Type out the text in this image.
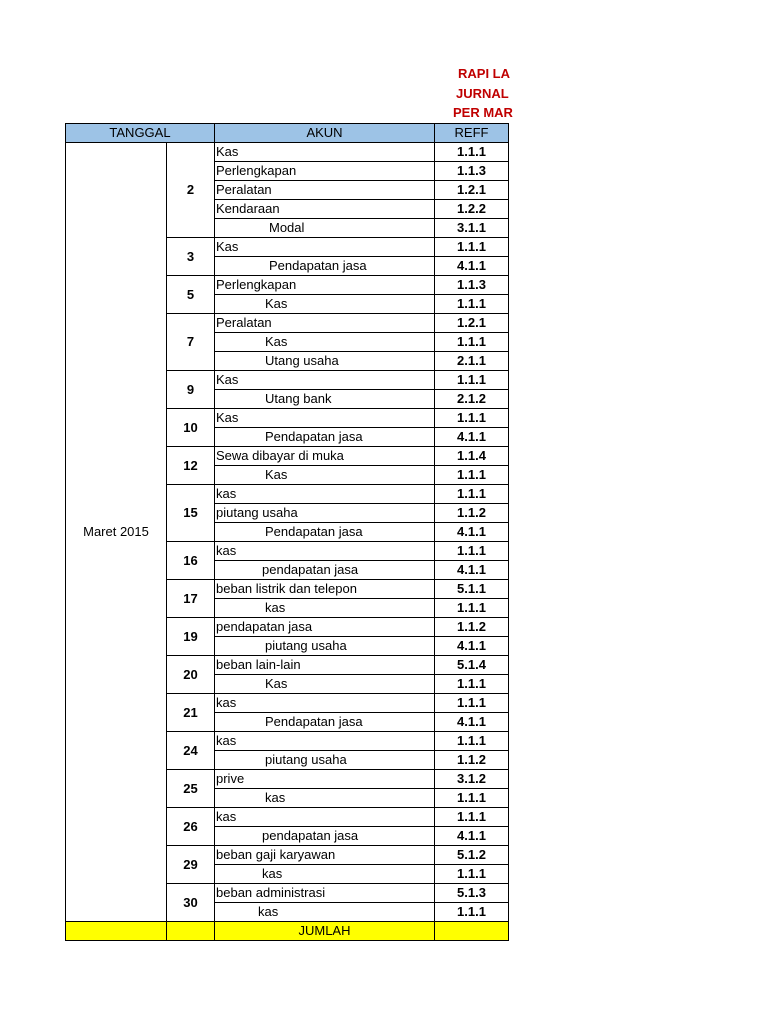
RAPI LA
JURNAL
PER MAR
TANGGAL		AKUN	REFF
Maret 2015	2	Kas	1.1.1
		Perlengkapan	1.1.3
		Peralatan	1.2.1
		Kendaraan	1.2.2
		Modal	3.1.1
	3	Kas	1.1.1
		Pendapatan jasa	4.1.1
	5	Perlengkapan	1.1.3
		Kas	1.1.1
	7	Peralatan	1.2.1
		Kas	1.1.1
		Utang usaha	2.1.1
	9	Kas	1.1.1
		Utang bank	2.1.2
	10	Kas	1.1.1
		Pendapatan jasa	4.1.1
	12	Sewa dibayar di muka	1.1.4
		Kas	1.1.1
	15	kas	1.1.1
		piutang usaha	1.1.2
		Pendapatan jasa	4.1.1
	16	kas	1.1.1
		pendapatan jasa	4.1.1
	17	beban listrik dan telepon	5.1.1
		kas	1.1.1
	19	pendapatan jasa	1.1.2
		piutang usaha	4.1.1
	20	beban lain-lain	5.1.4
		Kas	1.1.1
	21	kas	1.1.1
		Pendapatan jasa	4.1.1
	24	kas	1.1.1
		piutang usaha	1.1.2
	25	prive	3.1.2
		kas	1.1.1
	26	kas	1.1.1
		pendapatan jasa	4.1.1
	29	beban gaji karyawan	5.1.2
		kas	1.1.1
	30	beban administrasi	5.1.3
		kas	1.1.1
		JUMLAH	
